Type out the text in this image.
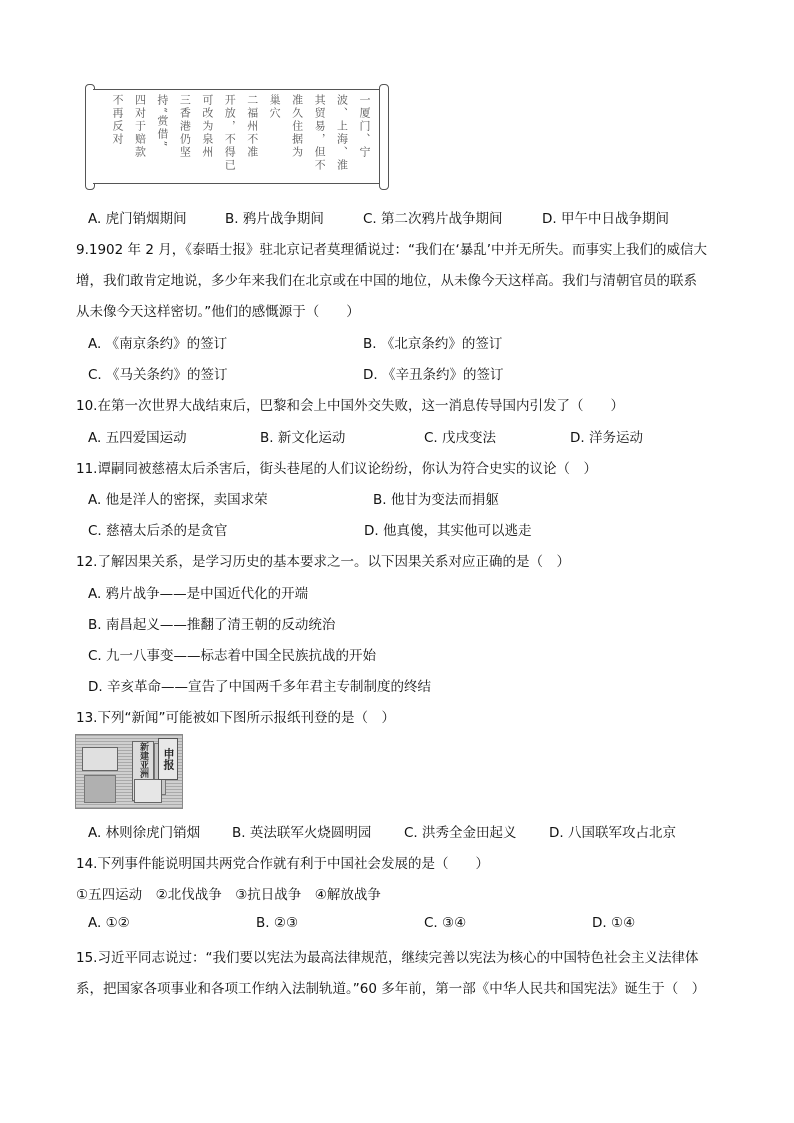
一厦门、宁
波、上海、淮
其贸易，但不
准久住据为
巢穴
二福州不准
开放，不得已
可改为泉州
三香港仍坚
持“赏借”
四对于赔款
不再反对
A. 虎门销烟期间	B. 鸦片战争期间	C. 第二次鸦片战争期间	D. 甲午中日战争期间
9.1902 年 2 月，《泰晤士报》驻北京记者莫理循说过：“我们在‘暴乱’中并无所失。而事实上我们的威信大
增，我们敢肯定地说，多少年来我们在北京或在中国的地位，从未像今天这样高。我们与清朝官员的联系
从未像今天这样密切。”他们的感慨源于（　　）
A. 《南京条约》的签订	B. 《北京条约》的签订
C. 《马关条约》的签订	D. 《辛丑条约》的签订
10.在第一次世界大战结束后，巴黎和会上中国外交失败，这一消息传导国内引发了（　　）
A. 五四爱国运动	B. 新文化运动	C. 戊戌变法	D. 洋务运动
11.谭嗣同被慈禧太后杀害后，街头巷尾的人们议论纷纷，你认为符合史实的议论（　）
A. 他是洋人的密探，卖国求荣	B. 他甘为变法而捐躯
C. 慈禧太后杀的是贪官	D. 他真傻，其实他可以逃走
12.了解因果关系，是学习历史的基本要求之一。以下因果关系对应正确的是（　）
A. 鸦片战争——是中国近代化的开端
B. 南昌起义——推翻了清王朝的反动统治
C. 九一八事变——标志着中国全民族抗战的开始
D. 辛亥革命——宣告了中国两千多年君主专制制度的终结
13.下列“新闻”可能被如下图所示报纸刊登的是（　）
新建亚洲	申报
A. 林则徐虎门销烟 B. 英法联军火烧圆明园 C. 洪秀全金田起义 D. 八国联军攻占北京
14.下列事件能说明国共两党合作就有利于中国社会发展的是（　　）
①五四运动　②北伐战争　③抗日战争　④解放战争
A. ①②	B. ②③	C. ③④	D. ①④
15.习近平同志说过：“我们要以宪法为最高法律规范，继续完善以宪法为核心的中国特色社会主义法律体
系，把国家各项事业和各项工作纳入法制轨道。”60 多年前，第一部《中华人民共和国宪法》诞生于（　）
